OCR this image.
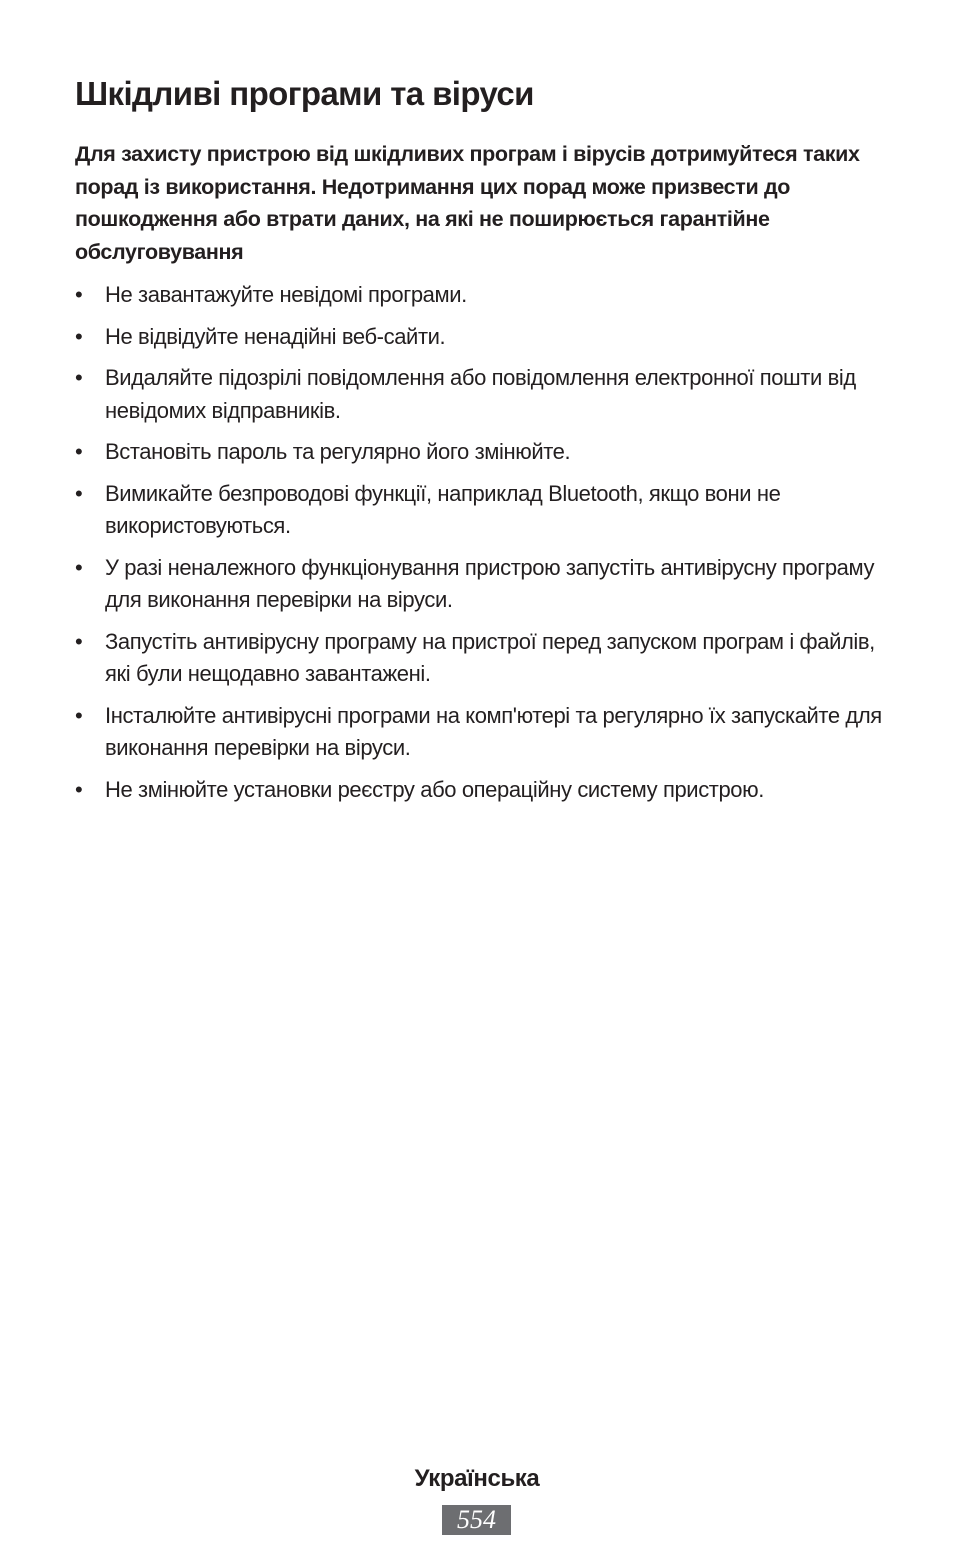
Шкідливі програми та віруси

Для захисту пристрою від шкідливих програм і вірусів дотримуйтеся таких порад із використання. Недотримання цих порад може призвести до пошкодження або втрати даних, на які не поширюється гарантійне обслуговування

•	Не завантажуйте невідомі програми.
•	Не відвідуйте ненадійні веб-сайти.
•	Видаляйте підозрілі повідомлення або повідомлення електронної пошти від невідомих відправників.
•	Встановіть пароль та регулярно його змінюйте.
•	Вимикайте безпроводові функції, наприклад Bluetooth, якщо вони не використовуються.
•	У разі неналежного функціонування пристрою запустіть антивірусну програму для виконання перевірки на віруси.
•	Запустіть антивірусну програму на пристрої перед запуском програм і файлів, які були нещодавно завантажені.
•	Інсталюйте антивірусні програми на комп'ютері та регулярно їх запускайте для виконання перевірки на віруси.
•	Не змінюйте установки реєстру або операційну систему пристрою.
Українська
554
